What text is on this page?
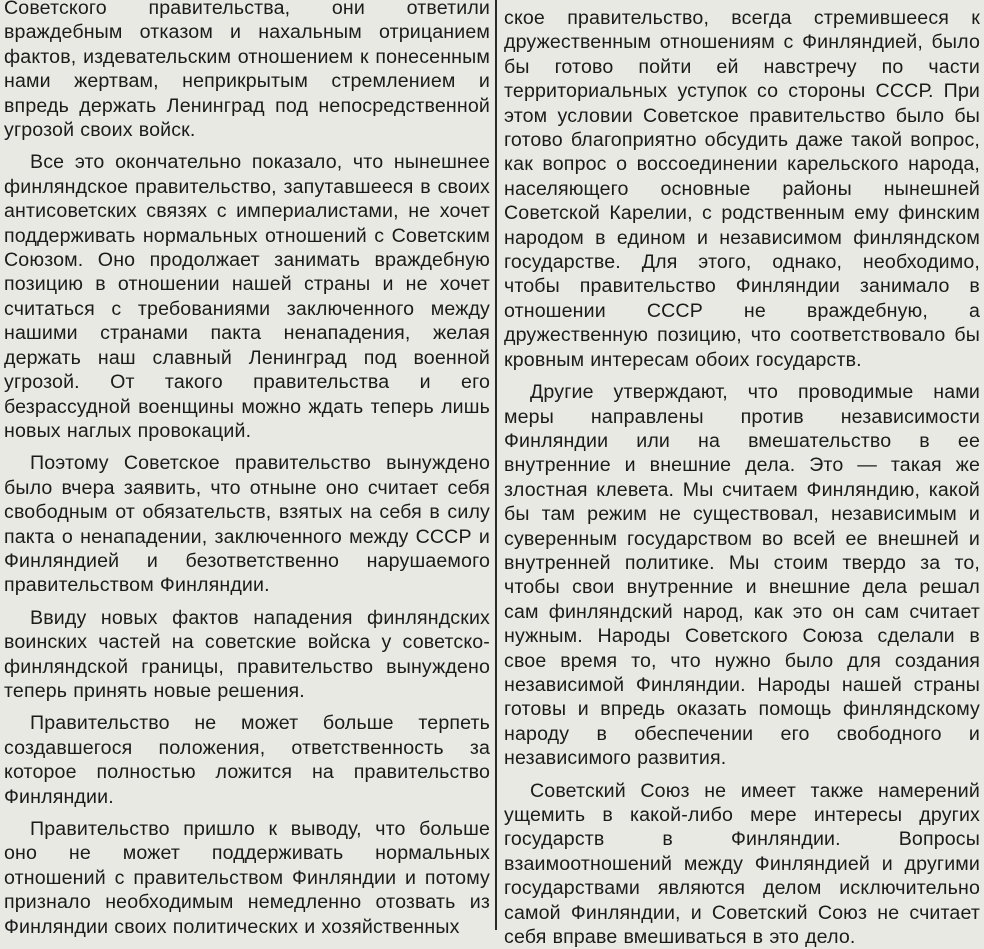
Советского правительства, они ответили враждебным отказом и нахальным отрицанием фактов, издевательским отношением к понесенным нами жертвам, неприкрытым стремлением и впредь держать Ленинград под непосредственной угрозой своих войск.

Все это окончательно показало, что нынешнее финляндское правительство, запутавшееся в своих антисоветских связях с империалистами, не хочет поддерживать нормальных отношений с Советским Союзом. Оно продолжает занимать враждебную позицию в отношении нашей страны и не хочет считаться с требованиями заключенного между нашими странами пакта ненападения, желая держать наш славный Ленинград под военной угрозой. От такого правительства и его безрассудной военщины можно ждать теперь лишь новых наглых провокаций.

Поэтому Советское правительство вынуждено было вчера заявить, что отныне оно считает себя свободным от обязательств, взятых на себя в силу пакта о ненападении, заключенного между СССР и Финляндией и безответственно нарушаемого правительством Финляндии.

Ввиду новых фактов нападения финляндских воинских частей на советские войска у советско-финляндской границы, правительство вынуждено теперь принять новые решения.

Правительство не может больше терпеть создавшегося положения, ответственность за которое полностью ложится на правительство Финляндии.

Правительство пришло к выводу, что больше оно не может поддерживать нормальных отношений с правительством Финляндии и потому признало необходимым немедленно отозвать из Финляндии своих политических и хозяйственных

ское правительство, всегда стремившееся к дружественным отношениям с Финляндией, было бы готово пойти ей навстречу по части территориальных уступок со стороны СССР. При этом условии Советское правительство было бы готово благоприятно обсудить даже такой вопрос, как вопрос о воссоединении карельского народа, населяющего основные районы нынешней Советской Карелии, с родственным ему финским народом в едином и независимом финляндском государстве. Для этого, однако, необходимо, чтобы правительство Финляндии занимало в отношении СССР не враждебную, а дружественную позицию, что соответствовало бы кровным интересам обоих государств.

Другие утверждают, что проводимые нами меры направлены против независимости Финляндии или на вмешательство в ее внутренние и внешние дела. Это — такая же злостная клевета. Мы считаем Финляндию, какой бы там режим не существовал, независимым и суверенным государством во всей ее внешней и внутренней политике. Мы стоим твердо за то, чтобы свои внутренние и внешние дела решал сам финляндский народ, как это он сам считает нужным. Народы Советского Союза сделали в свое время то, что нужно было для создания независимой Финляндии. Народы нашей страны готовы и впредь оказать помощь финляндскому народу в обеспечении его свободного и независимого развития.

Советский Союз не имеет также намерений ущемить в какой-либо мере интересы других государств в Финляндии. Вопросы взаимоотношений между Финляндией и другими государствами являются делом исключительно самой Финляндии, и Советский Союз не считает себя вправе вмешиваться в это дело.
